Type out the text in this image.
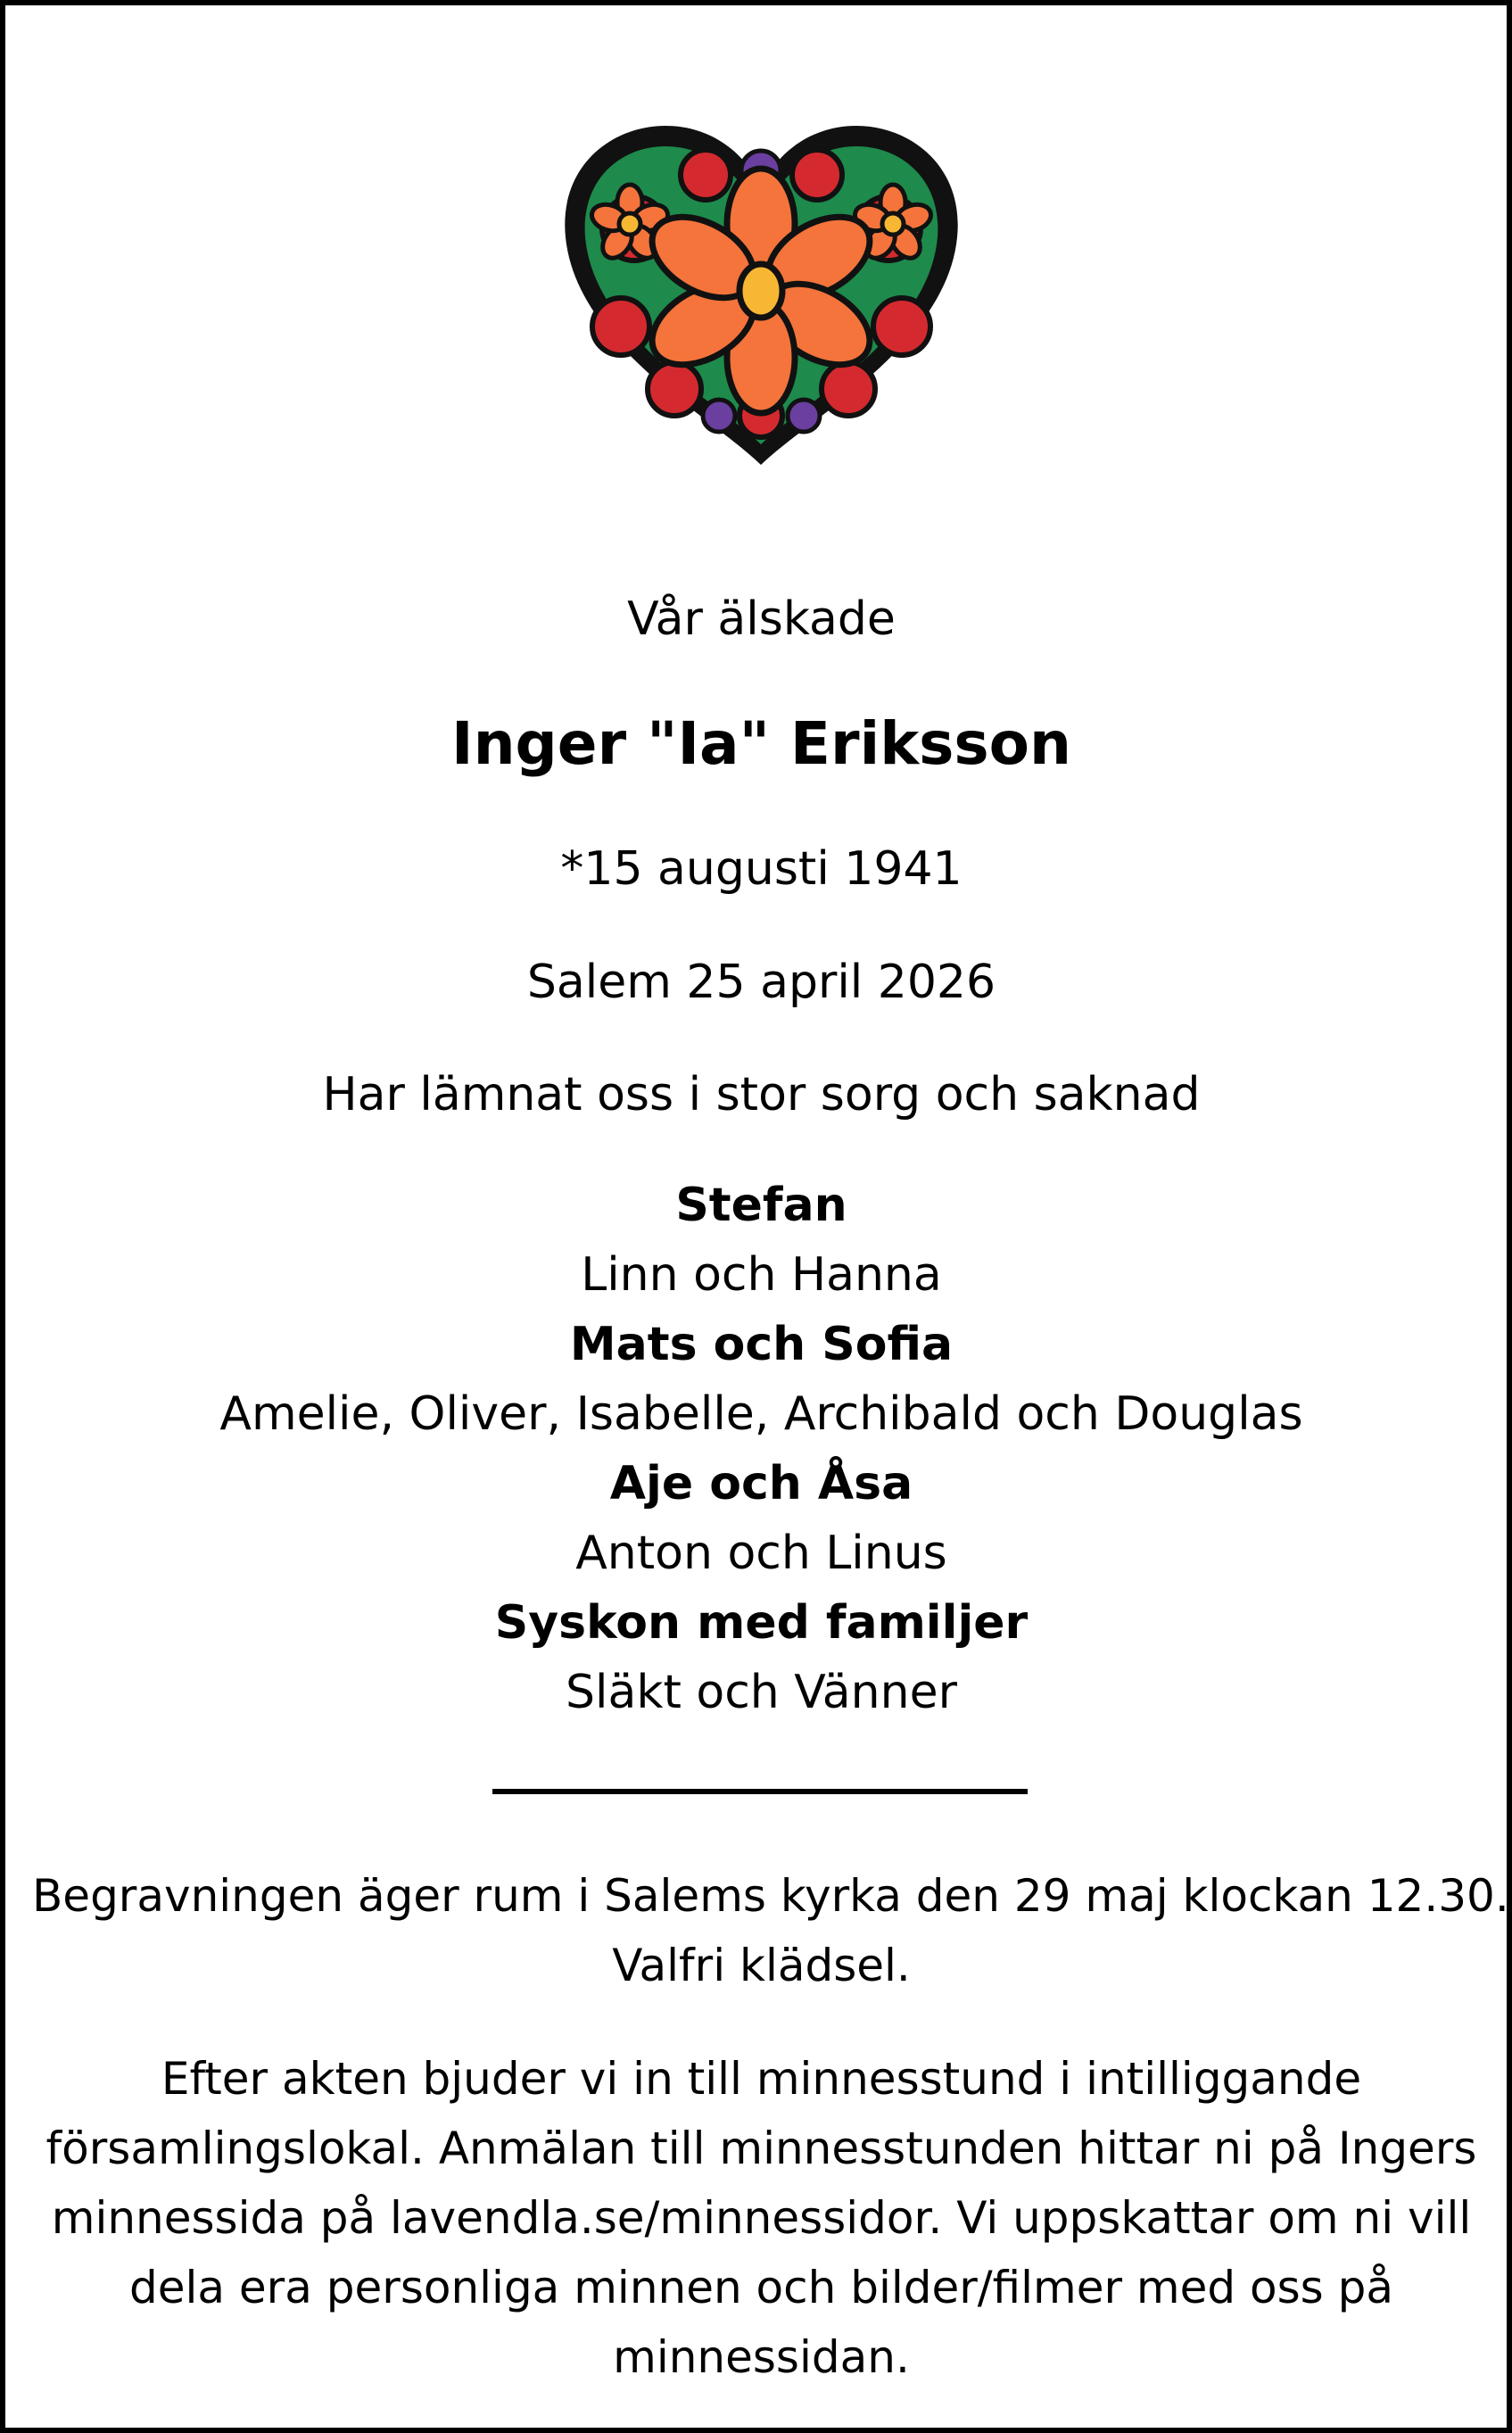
Vår älskade
Inger "Ia" Eriksson
*15 augusti 1941
Salem 25 april 2026
Har lämnat oss i stor sorg och saknad
Stefan
Linn och Hanna
Mats och Sofia
Amelie, Oliver, Isabelle, Archibald och Douglas
Aje och Åsa
Anton och Linus
Syskon med familjer
Släkt och Vänner
Begravningen äger rum i Salems kyrka den 29 maj klockan 12.30.
Valfri klädsel.
Efter akten bjuder vi in till minnesstund i intilliggande
församlingslokal. Anmälan till minnesstunden hittar ni på Ingers
minnessida på lavendla.se/minnessidor. Vi uppskattar om ni vill
dela era personliga minnen och bilder/filmer med oss på
minnessidan.
